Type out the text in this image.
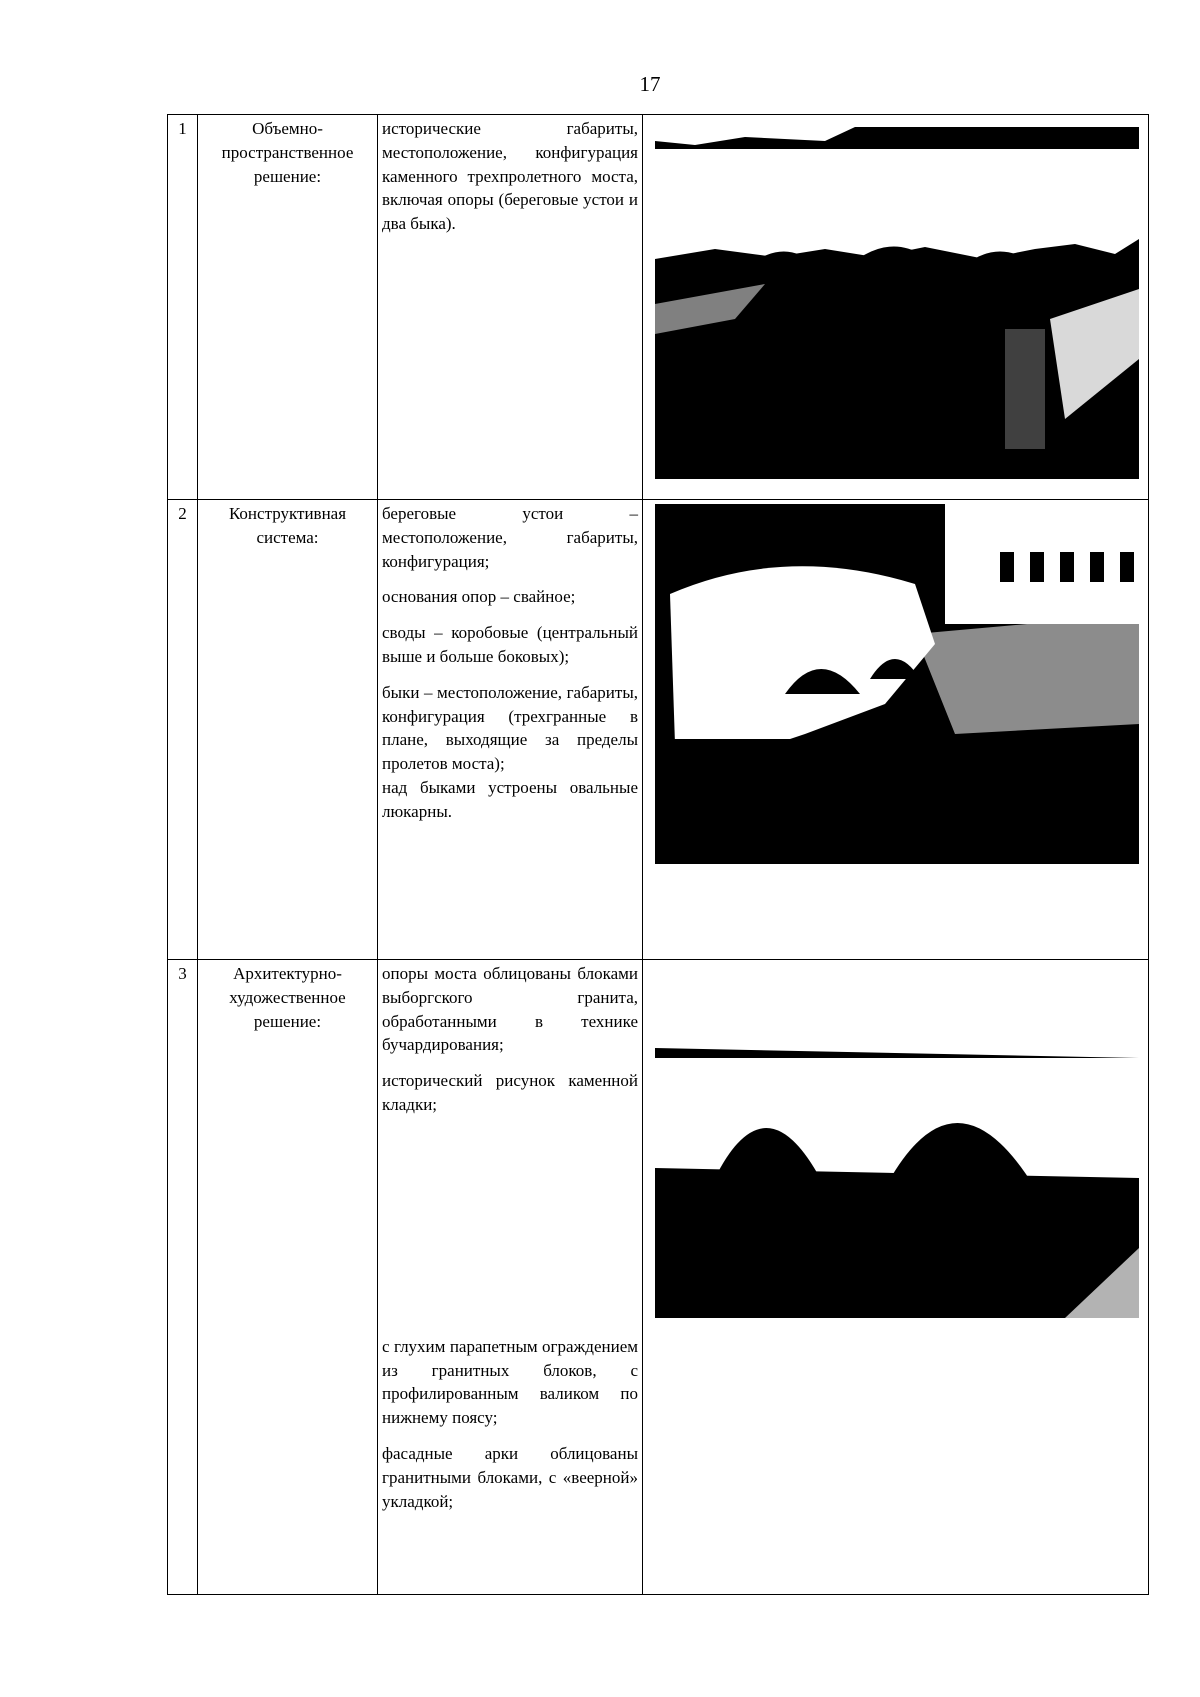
17
1	Объемно-пространственное решение:	исторические габариты, местоположение, конфигурация каменного трехпролетного моста, включая опоры (береговые устои и два быка).

2	Конструктивная система:	береговые устои – местоположение, габариты, конфигурация;

основания опор – свайное;

своды – коробовые (центральный выше и больше боковых);

быки – местоположение, габариты, конфигурация (трехгранные в плане, выходящие за пределы пролетов моста);

над быками устроены овальные люкарны.

3	Архитектурно-художественное решение:	опоры моста облицованы блоками выборгского гранита, обработанными в технике бучардирования;

исторический рисунок каменной кладки;

с глухим парапетным ограждением из гранитных блоков, с профилированным валиком по нижнему поясу;

фасадные арки облицованы гранитными блоками, с «веерной» укладкой;
